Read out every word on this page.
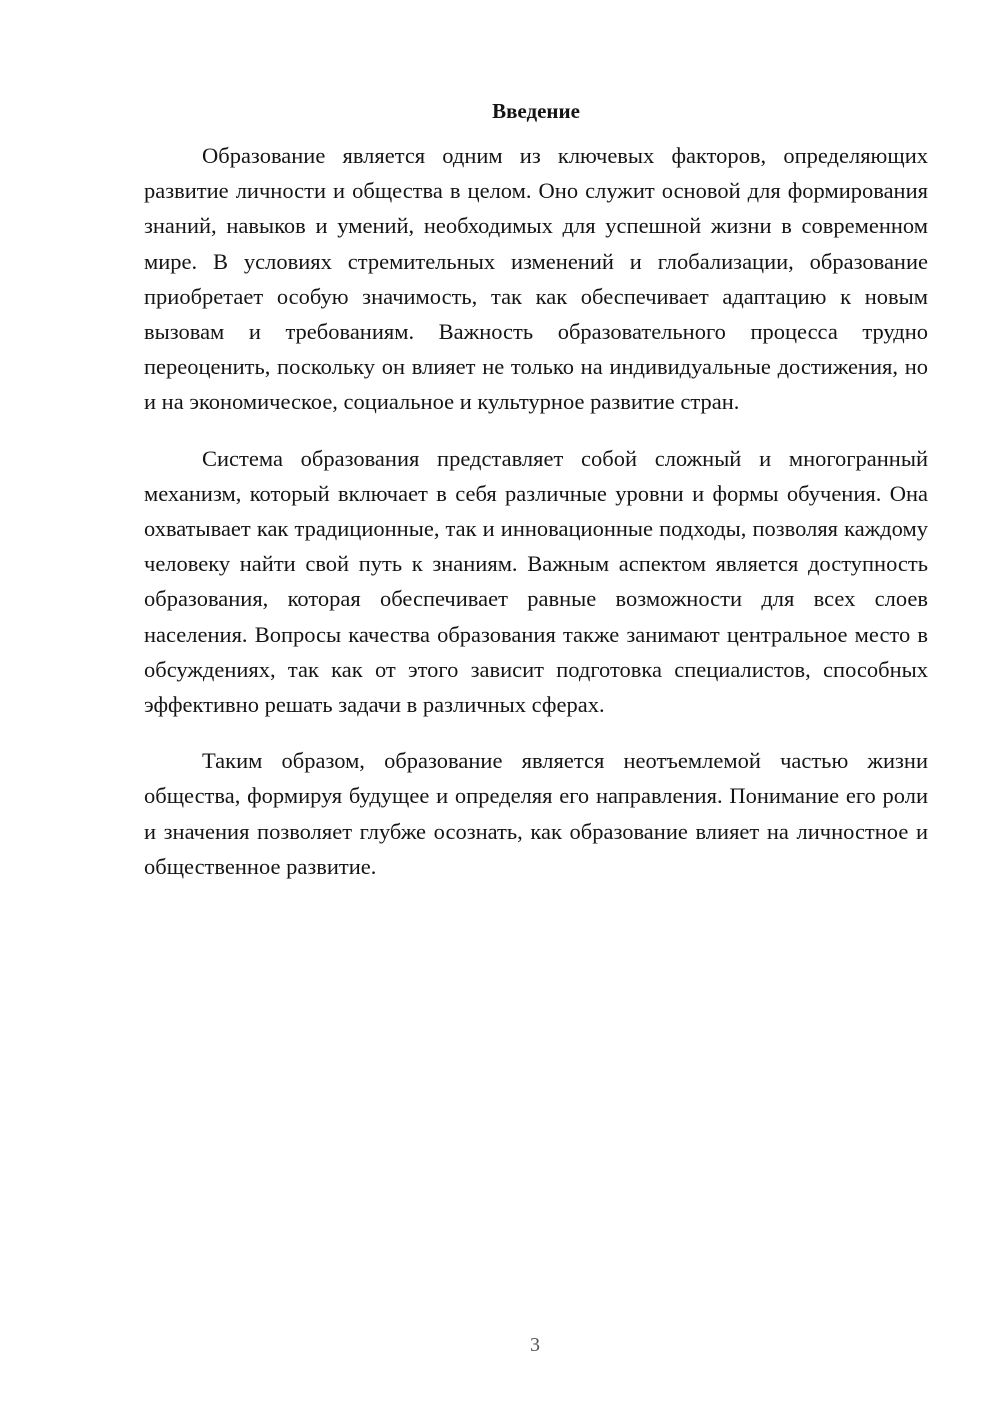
Введение

Образование является одним из ключевых факторов, определяющих развитие личности и общества в целом. Оно служит основой для формирования знаний, навыков и умений, необходимых для успешной жизни в современном мире. В условиях стремительных изменений и глобализации, образование приобретает особую значимость, так как обеспечивает адаптацию к новым вызовам и требованиям. Важность образовательного процесса трудно переоценить, поскольку он влияет не только на индивидуальные достижения, но и на экономическое, социальное и культурное развитие стран.

Система образования представляет собой сложный и многогранный механизм, который включает в себя различные уровни и формы обучения. Она охватывает как традиционные, так и инновационные подходы, позволяя каждому человеку найти свой путь к знаниям. Важным аспектом является доступность образования, которая обеспечивает равные возможности для всех слоев населения. Вопросы качества образования также занимают центральное место в обсуждениях, так как от этого зависит подготовка специалистов, способных эффективно решать задачи в различных сферах.

Таким образом, образование является неотъемлемой частью жизни общества, формируя будущее и определяя его направления. Понимание его роли и значения позволяет глубже осознать, как образование влияет на личностное и общественное развитие.

3
